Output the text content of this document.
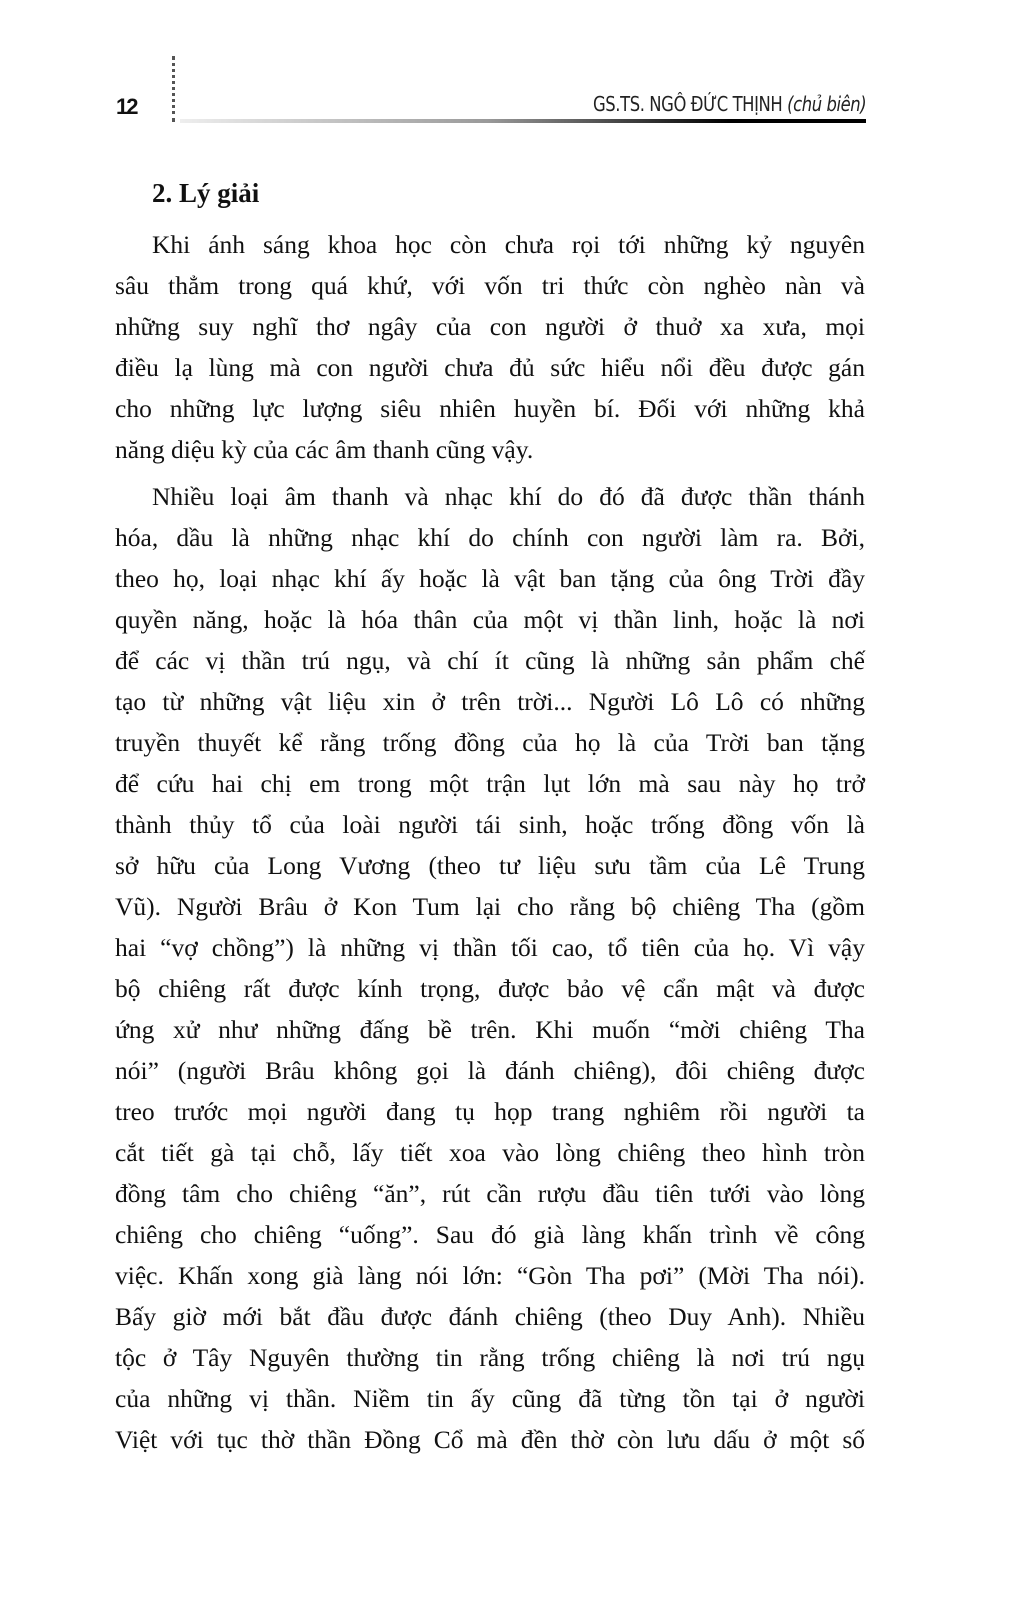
12	GS.TS. NGÔ ĐỨC THỊNH (chủ biên)
2. Lý giải
Khi ánh sáng khoa học còn chưa rọi tới những kỷ nguyên
sâu thẳm trong quá khứ, với vốn tri thức còn nghèo nàn và
những suy nghĩ thơ ngây của con người ở thuở xa xưa, mọi
điều lạ lùng mà con người chưa đủ sức hiểu nổi đều được gán
cho những lực lượng siêu nhiên huyền bí. Đối với những khả
năng diệu kỳ của các âm thanh cũng vậy.
Nhiều loại âm thanh và nhạc khí do đó đã được thần thánh
hóa, dầu là những nhạc khí do chính con người làm ra. Bởi,
theo họ, loại nhạc khí ấy hoặc là vật ban tặng của ông Trời đầy
quyền năng, hoặc là hóa thân của một vị thần linh, hoặc là nơi
để các vị thần trú ngụ, và chí ít cũng là những sản phẩm chế
tạo từ những vật liệu xin ở trên trời... Người Lô Lô có những
truyền thuyết kể rằng trống đồng của họ là của Trời ban tặng
để cứu hai chị em trong một trận lụt lớn mà sau này họ trở
thành thủy tổ của loài người tái sinh, hoặc trống đồng vốn là
sở hữu của Long Vương (theo tư liệu sưu tầm của Lê Trung
Vũ). Người Brâu ở Kon Tum lại cho rằng bộ chiêng Tha (gồm
hai “vợ chồng”) là những vị thần tối cao, tổ tiên của họ. Vì vậy
bộ chiêng rất được kính trọng, được bảo vệ cẩn mật và được
ứng xử như những đấng bề trên. Khi muốn “mời chiêng Tha
nói” (người Brâu không gọi là đánh chiêng), đôi chiêng được
treo trước mọi người đang tụ họp trang nghiêm rồi người ta
cắt tiết gà tại chỗ, lấy tiết xoa vào lòng chiêng theo hình tròn
đồng tâm cho chiêng “ăn”, rút cần rượu đầu tiên tưới vào lòng
chiêng cho chiêng “uống”. Sau đó già làng khấn trình về công
việc. Khấn xong già làng nói lớn: “Gòn Tha pơi” (Mời Tha nói).
Bấy giờ mới bắt đầu được đánh chiêng (theo Duy Anh). Nhiều
tộc ở Tây Nguyên thường tin rằng trống chiêng là nơi trú ngụ
của những vị thần. Niềm tin ấy cũng đã từng tồn tại ở người
Việt với tục thờ thần Đồng Cổ mà đền thờ còn lưu dấu ở một số
